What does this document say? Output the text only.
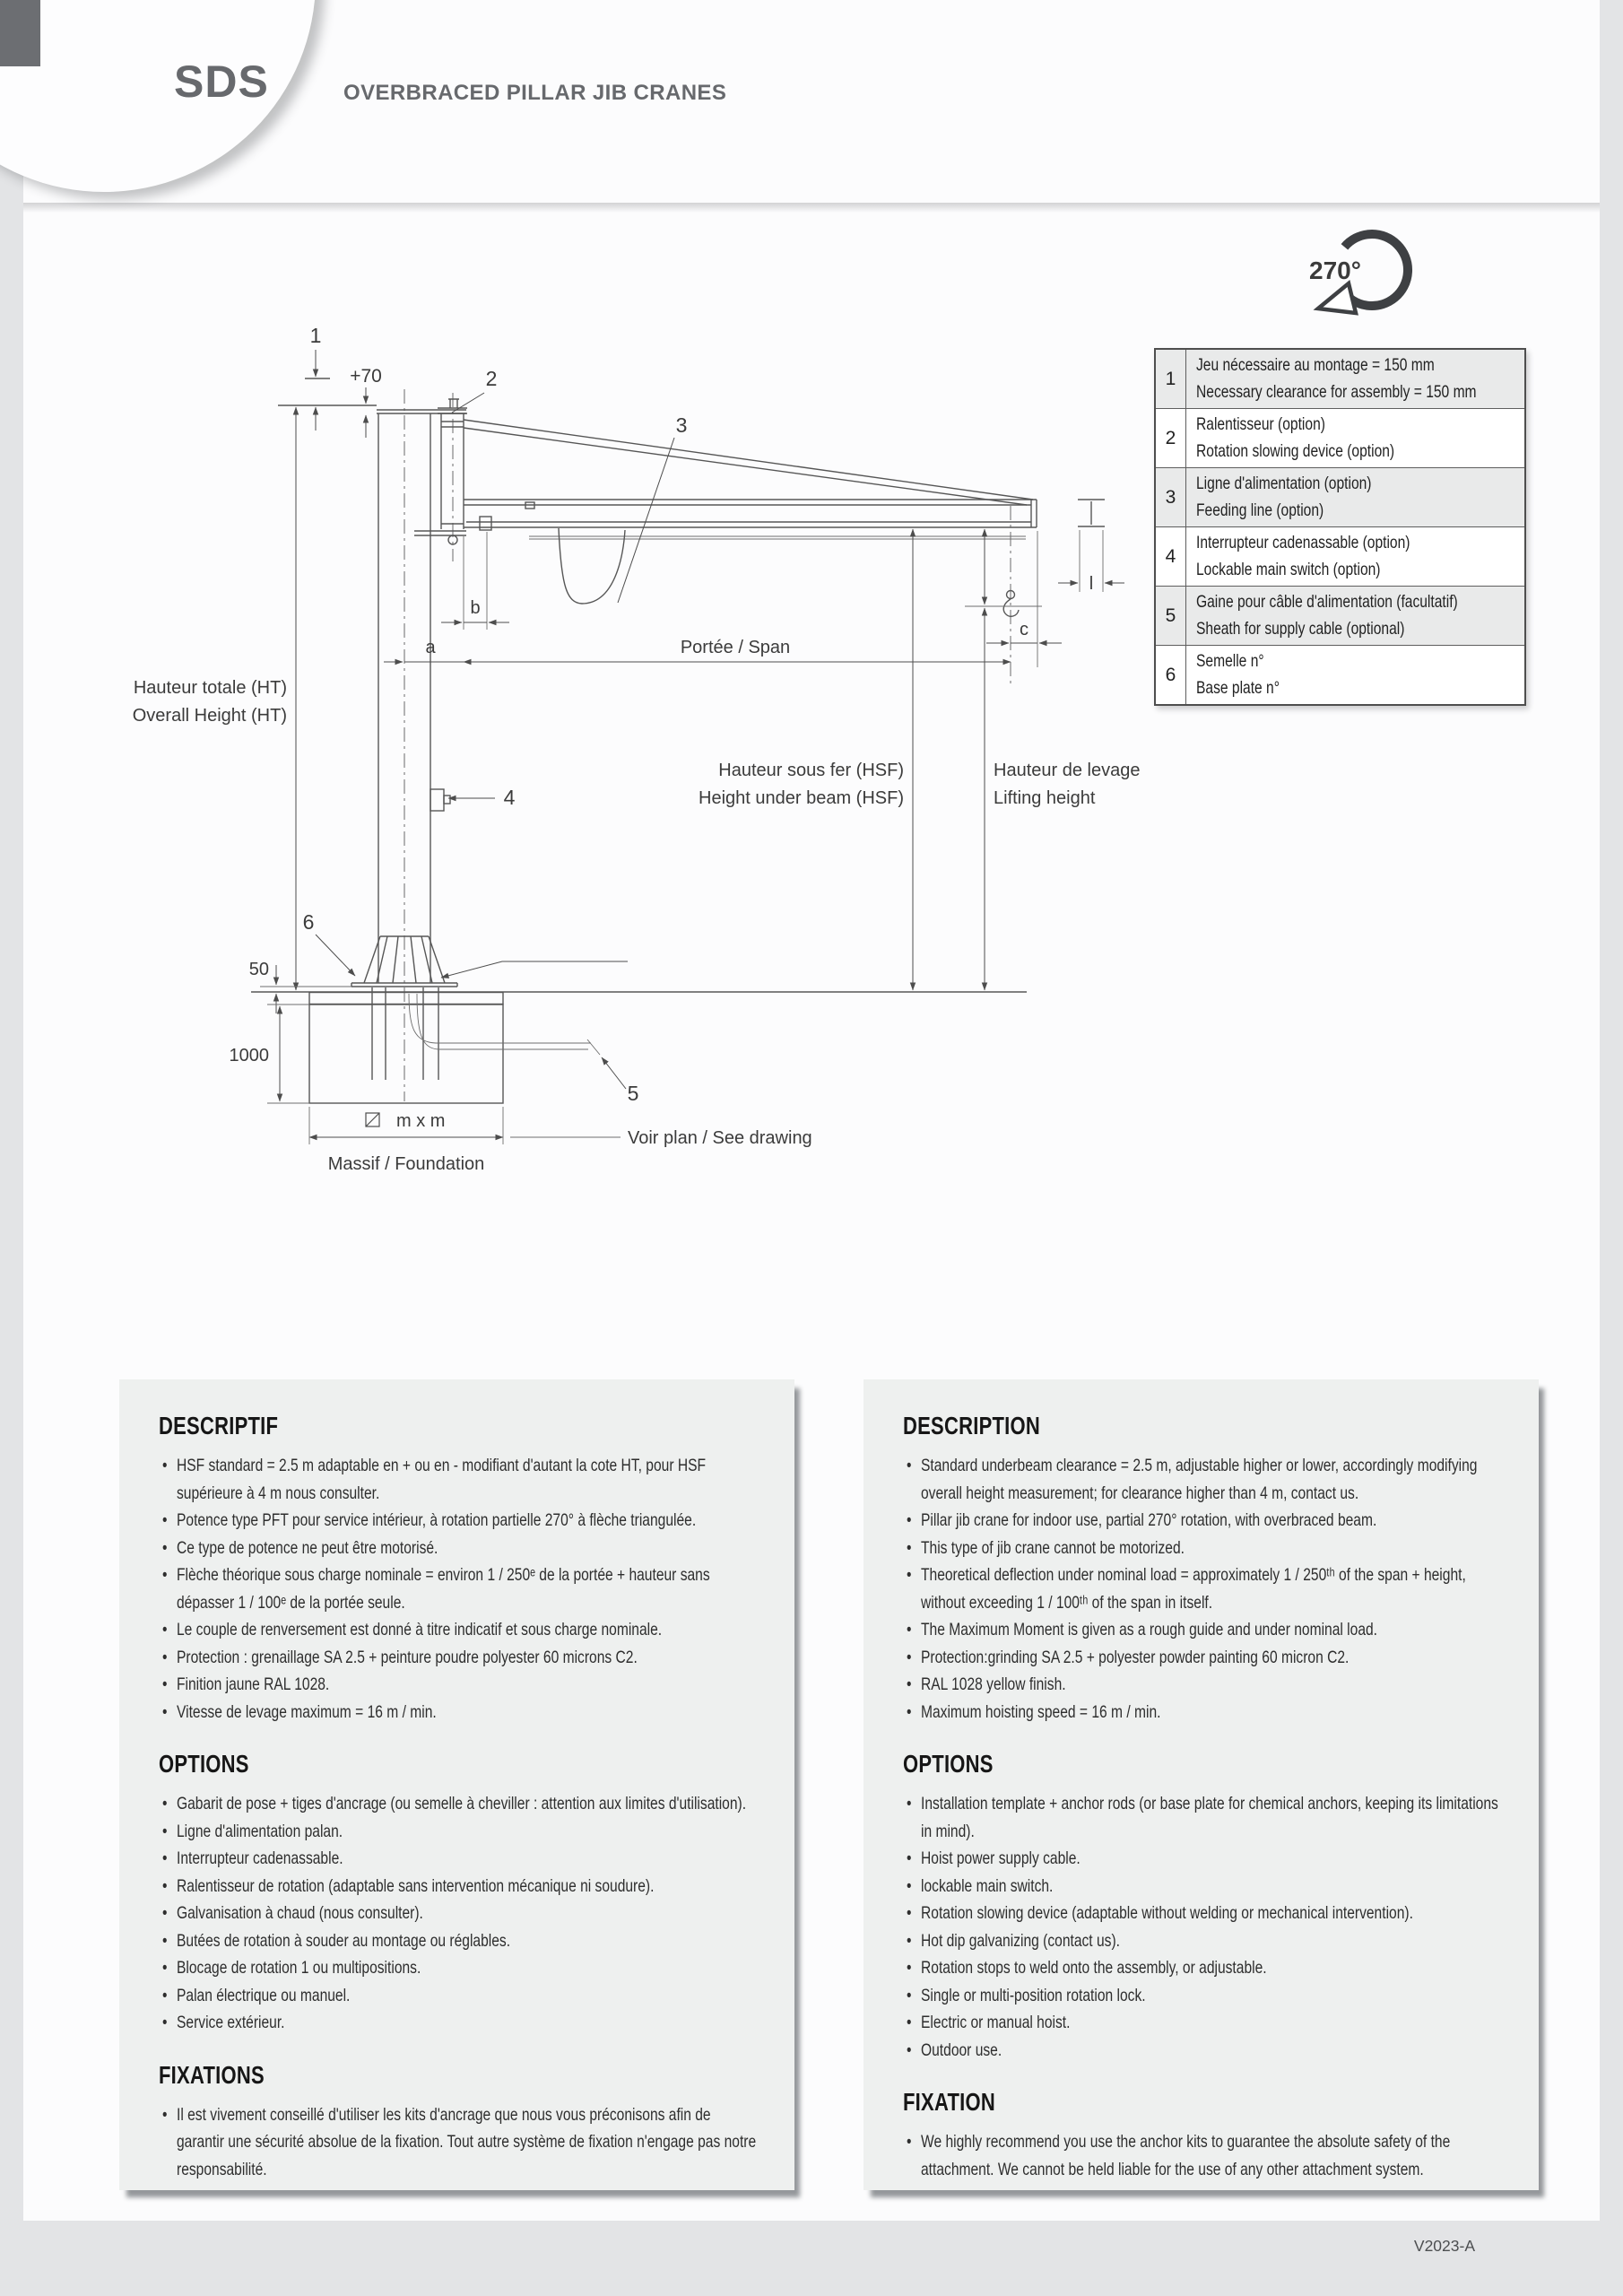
SDS	OVERBRACED PILLAR JIB CRANES
270°
1
+70	2
3
4
5
6
50
1000
Hauteur totale (HT)
Overall Height (HT)
Hauteur sous fer (HSF)
Height under beam (HSF)
Hauteur de levage
Lifting height
Portée / Span
a
b
c
l
m x m
Massif / Foundation
Voir plan / See drawing
1
Jeu nécessaire au montage = 150 mm
Necessary clearance for assembly = 150 mm
2
Ralentisseur (option)
Rotation slowing device (option)
3
Ligne d'alimentation (option)
Feeding line (option)
4
Interrupteur cadenassable (option)
Lockable main switch (option)
5
Gaine pour câble d'alimentation (facultatif)
Sheath for supply cable (optional)
6
Semelle n°
Base plate n°
DESCRIPTIF
• HSF standard = 2.5 m adaptable en + ou en - modifiant d'autant la cote HT, pour HSF supérieure à 4 m nous consulter.
• Potence type PFT pour service intérieur, à rotation partielle 270° à flèche triangulée.
• Ce type de potence ne peut être motorisé.
• Flèche théorique sous charge nominale = environ 1 / 250ᵉ de la portée + hauteur sans dépasser 1 / 100ᵉ de la portée seule.
• Le couple de renversement est donné à titre indicatif et sous charge nominale.
• Protection : grenaillage SA 2.5 + peinture poudre polyester 60 microns C2.
• Finition jaune RAL 1028.
• Vitesse de levage maximum = 16 m / min.
OPTIONS
• Gabarit de pose + tiges d'ancrage (ou semelle à cheviller : attention aux limites d'utilisation).
• Ligne d'alimentation palan.
• Interrupteur cadenassable.
• Ralentisseur de rotation (adaptable sans intervention mécanique ni soudure).
• Galvanisation à chaud (nous consulter).
• Butées de rotation à souder au montage ou réglables.
• Blocage de rotation 1 ou multipositions.
• Palan électrique ou manuel.
• Service extérieur.
FIXATIONS
• Il est vivement conseillé d'utiliser les kits d'ancrage que nous vous préconisons afin de garantir une sécurité absolue de la fixation. Tout autre système de fixation n'engage pas notre responsabilité.
DESCRIPTION
• Standard underbeam clearance = 2.5 m, adjustable higher or lower, accordingly modifying overall height measurement; for clearance higher than 4 m, contact us.
• Pillar jib crane for indoor use, partial 270° rotation, with overbraced beam.
• This type of jib crane cannot be motorized.
• Theoretical deflection under nominal load = approximately 1 / 250ᵗʰ of the span + height, without exceeding 1 / 100ᵗʰ of the span in itself.
• The Maximum Moment is given as a rough guide and under nominal load.
• Protection:grinding SA 2.5 + polyester powder painting 60 micron C2.
• RAL 1028 yellow finish.
• Maximum hoisting speed = 16 m / min.
OPTIONS
• Installation template + anchor rods (or base plate for chemical anchors, keeping its limitations in mind).
• Hoist power supply cable.
• lockable main switch.
• Rotation slowing device (adaptable without welding or mechanical intervention).
• Hot dip galvanizing (contact us).
• Rotation stops to weld onto the assembly, or adjustable.
• Single or multi-position rotation lock.
• Electric or manual hoist.
• Outdoor use.
FIXATION
• We highly recommend you use the anchor kits to guarantee the absolute safety of the attachment. We cannot be held liable for the use of any other attachment system.
V2023-A
